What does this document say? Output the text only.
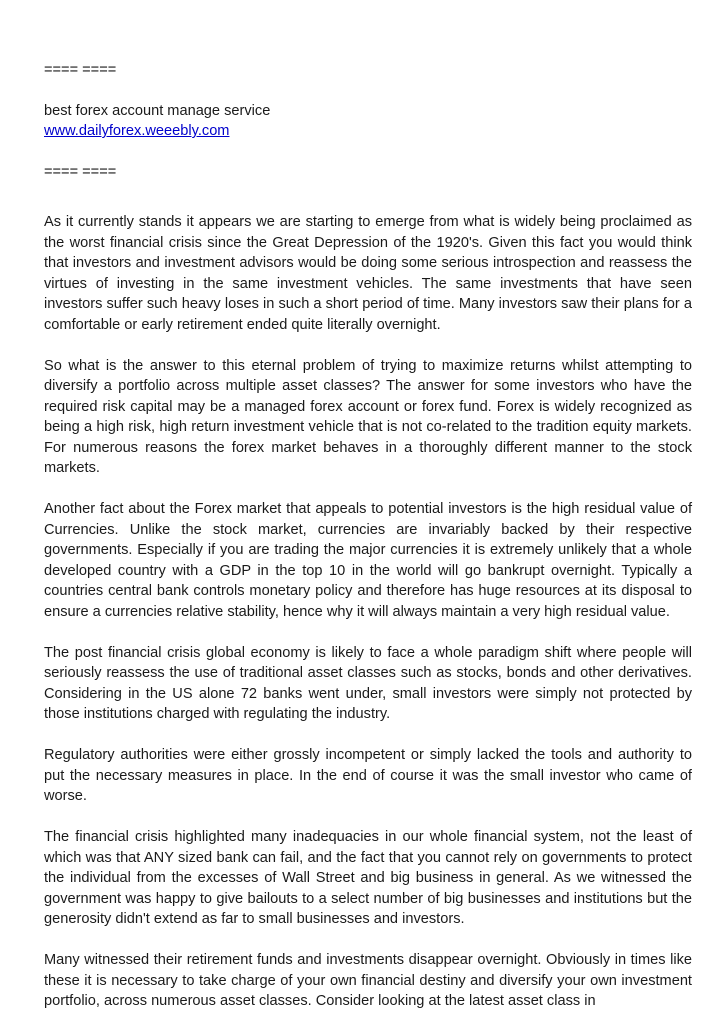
==== ====

best forex account manage service

www.dailyforex.weeebly.com

==== ====

As it currently stands it appears we are starting to emerge from what is widely being proclaimed as the worst financial crisis since the Great Depression of the 1920's. Given this fact you would think that investors and investment advisors would be doing some serious introspection and reassess the virtues of investing in the same investment vehicles. The same investments that have seen investors suffer such heavy loses in such a short period of time. Many investors saw their plans for a comfortable or early retirement ended quite literally overnight.

So what is the answer to this eternal problem of trying to maximize returns whilst attempting to diversify a portfolio across multiple asset classes? The answer for some investors who have the required risk capital may be a managed forex account or forex fund. Forex is widely recognized as being a high risk, high return investment vehicle that is not co-related to the tradition equity markets. For numerous reasons the forex market behaves in a thoroughly different manner to the stock markets.

Another fact about the Forex market that appeals to potential investors is the high residual value of Currencies. Unlike the stock market, currencies are invariably backed by their respective governments. Especially if you are trading the major currencies it is extremely unlikely that a whole developed country with a GDP in the top 10 in the world will go bankrupt overnight. Typically a countries central bank controls monetary policy and therefore has huge resources at its disposal to ensure a currencies relative stability, hence why it will always maintain a very high residual value.

The post financial crisis global economy is likely to face a whole paradigm shift where people will seriously reassess the use of traditional asset classes such as stocks, bonds and other derivatives. Considering in the US alone 72 banks went under, small investors were simply not protected by those institutions charged with regulating the industry.

Regulatory authorities were either grossly incompetent or simply lacked the tools and authority to put the necessary measures in place. In the end of course it was the small investor who came of worse.

The financial crisis highlighted many inadequacies in our whole financial system, not the least of which was that ANY sized bank can fail, and the fact that you cannot rely on governments to protect the individual from the excesses of Wall Street and big business in general. As we witnessed the government was happy to give bailouts to a select number of big businesses and institutions but the generosity didn't extend as far to small businesses and investors.

Many witnessed their retirement funds and investments disappear overnight. Obviously in times like these it is necessary to take charge of your own financial destiny and diversify your own investment portfolio, across numerous asset classes. Consider looking at the latest asset class in
